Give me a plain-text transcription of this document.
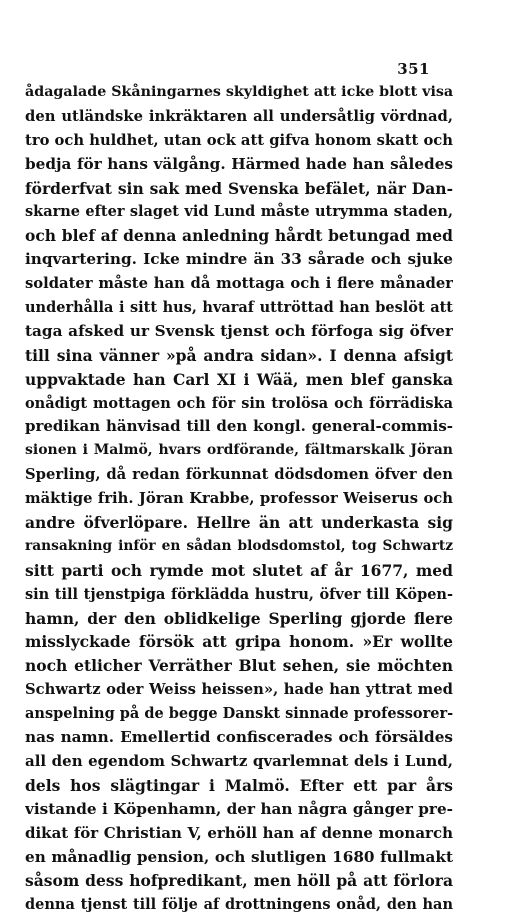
351
ådagalade Skåningarnes skyldighet att icke blott visa
den utländske inkräktaren all undersåtlig vördnad,
tro och huldhet, utan ock att gifva honom skatt och
bedja för hans välgång. Härmed hade han således
förderfvat sin sak med Svenska befälet, när Dan-
skarne efter slaget vid Lund måste utrymma staden,
och blef af denna anledning hårdt betungad med
inqvartering. Icke mindre än 33 sårade och sjuke
soldater måste han då mottaga och i flere månader
underhålla i sitt hus, hvaraf uttröttad han beslöt att
taga afsked ur Svensk tjenst och förfoga sig öfver
till sina vänner »på andra sidan». I denna afsigt
uppvaktade han Carl XI i Wää, men blef ganska
onådigt mottagen och för sin trolösa och förrädiska
predikan hänvisad till den kongl. general-commis-
sionen i Malmö, hvars ordförande, fältmarskalk Jöran
Sperling, då redan förkunnat dödsdomen öfver den
mäktige frih. Jöran Krabbe, professor Weiserus och
andre öfverlöpare. Hellre än att underkasta sig
ransakning inför en sådan blodsdomstol, tog Schwartz
sitt parti och rymde mot slutet af år 1677, med
sin till tjenstpiga förklädda hustru, öfver till Köpen-
hamn, der den oblidkelige Sperling gjorde flere
misslyckade försök att gripa honom. »Er wollte
noch etlicher Verräther Blut sehen, sie möchten
Schwartz oder Weiss heissen», hade han yttrat med
anspelning på de begge Danskt sinnade professorer-
nas namn. Emellertid confiscerades och försäldes
all den egendom Schwartz qvarlemnat dels i Lund,
dels hos slägtingar i Malmö. Efter ett par års
vistande i Köpenhamn, der han några gånger pre-
dikat för Christian V, erhöll han af denne monarch
en månadlig pension, och slutligen 1680 fullmakt
såsom dess hofpredikant, men höll på att förlora
denna tjenst till följe af drottningens onåd, den han
